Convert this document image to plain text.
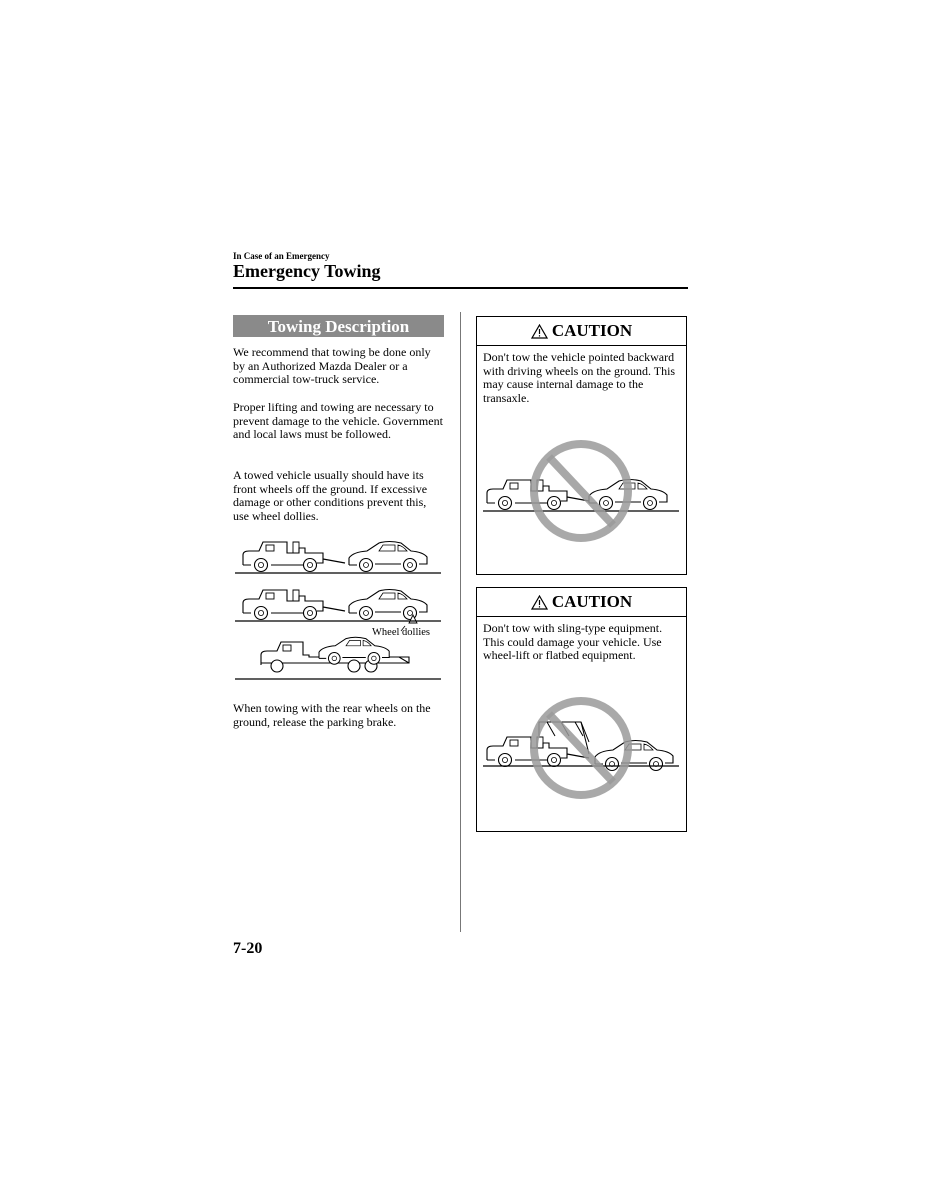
In Case of an Emergency
Emergency Towing
Towing Description

We recommend that towing be done only by an Authorized Mazda Dealer or a commercial tow-truck service.

Proper lifting and towing are necessary to prevent damage to the vehicle. Government and local laws must be followed.

A towed vehicle usually should have its front wheels off the ground. If excessive damage or other conditions prevent this, use wheel dollies.

Wheel dollies

When towing with the rear wheels on the ground, release the parking brake.

CAUTION

Don't tow the vehicle pointed backward with driving wheels on the ground. This may cause internal damage to the transaxle.

CAUTION

Don't tow with sling-type equipment. This could damage your vehicle. Use wheel-lift or flatbed equipment.

7-20
